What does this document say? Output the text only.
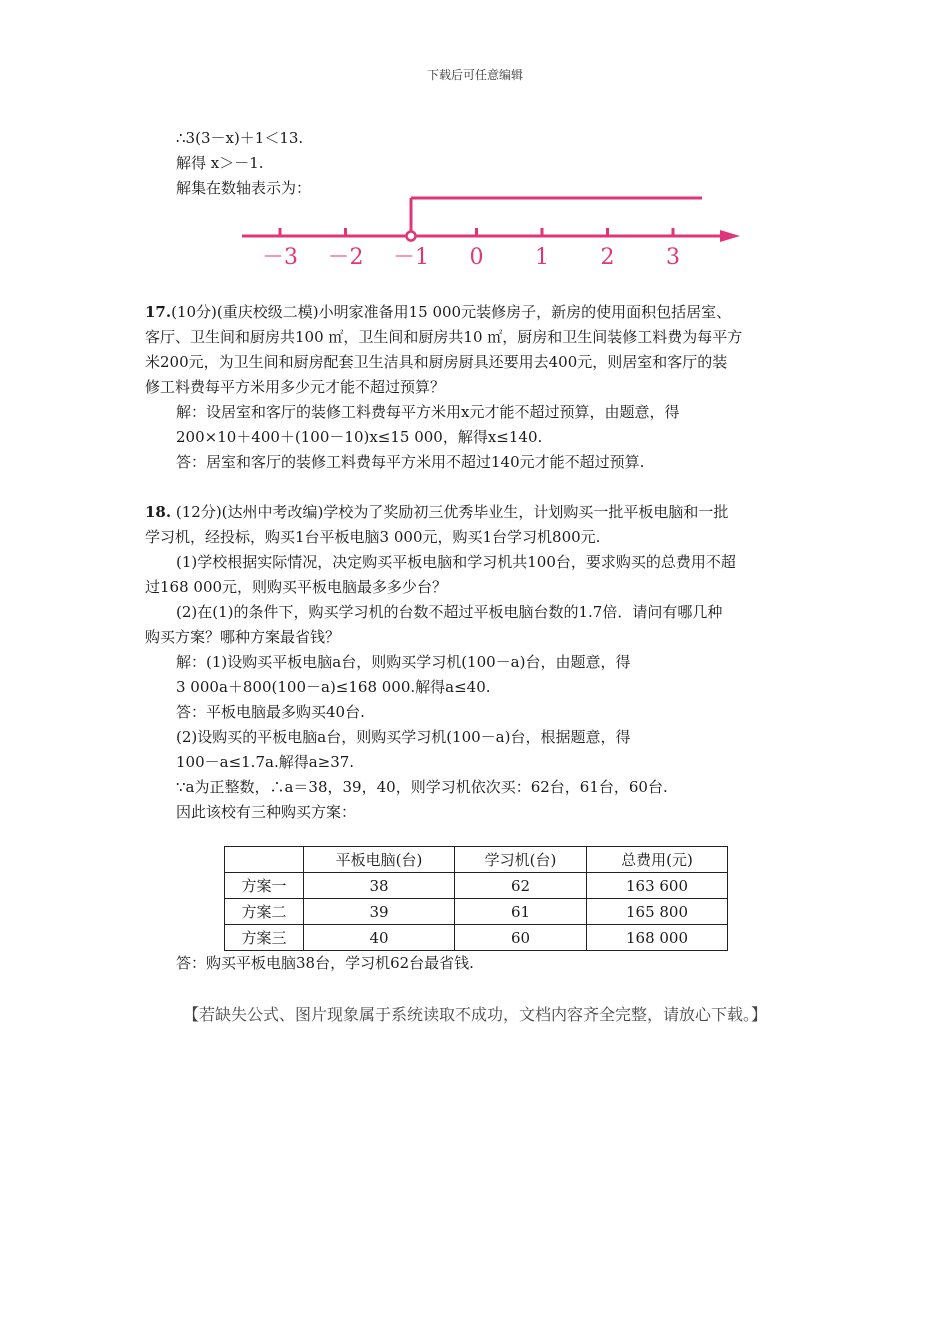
下载后可任意编辑
∴3(3－x)＋1＜13.
解得 x＞－1.
解集在数轴表示为：
－3 －2 －1 0 1 2 3
17.(10分)(重庆校级二模)小明家准备用15 000元装修房子，新房的使用面积包括居室、
客厅、卫生间和厨房共100 ㎡，卫生间和厨房共10 ㎡，厨房和卫生间装修工料费为每平方
米200元，为卫生间和厨房配套卫生洁具和厨房厨具还要用去400元，则居室和客厅的装
修工料费每平方米用多少元才能不超过预算？
解：设居室和客厅的装修工料费每平方米用x元才能不超过预算，由题意，得
200×10＋400＋(100－10)x≤15 000，解得x≤140.
答：居室和客厅的装修工料费每平方米用不超过140元才能不超过预算.
18. (12分)(达州中考改编)学校为了奖励初三优秀毕业生，计划购买一批平板电脑和一批
学习机，经投标，购买1台平板电脑3 000元，购买1台学习机800元.
(1)学校根据实际情况，决定购买平板电脑和学习机共100台，要求购买的总费用不超
过168 000元，则购买平板电脑最多多少台？
(2)在(1)的条件下，购买学习机的台数不超过平板电脑台数的1.7倍．请问有哪几种
购买方案？哪种方案最省钱？
解：(1)设购买平板电脑a台，则购买学习机(100－a)台，由题意，得
3 000a＋800(100－a)≤168 000.解得a≤40.
答：平板电脑最多购买40台.
(2)设购买的平板电脑a台，则购买学习机(100－a)台，根据题意，得
100－a≤1.7a.解得a≥37.
∵a为正整数，∴a＝38，39，40，则学习机依次买：62台，61台，60台.
因此该校有三种购买方案：
	平板电脑(台)	学习机(台)	总费用(元)
方案一	38	62	163 600
方案二	39	61	165 800
方案三	40	60	168 000
答：购买平板电脑38台，学习机62台最省钱.
【若缺失公式、图片现象属于系统读取不成功，文档内容齐全完整，请放心下载。】
